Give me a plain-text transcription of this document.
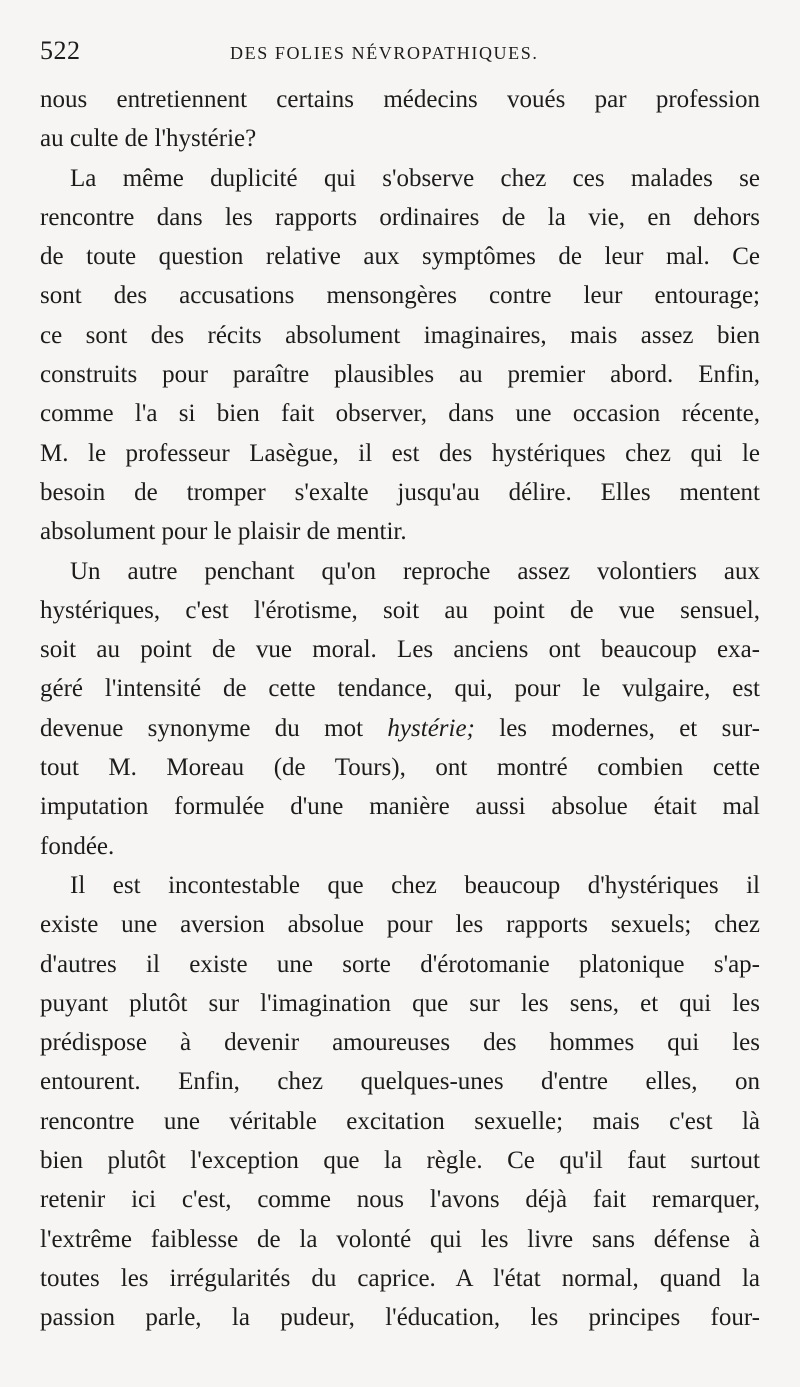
522	DES FOLIES NÉVROPATHIQUES.
nous entretiennent certains médecins voués par profession
au culte de l'hystérie?
La même duplicité qui s'observe chez ces malades se
rencontre dans les rapports ordinaires de la vie, en dehors
de toute question relative aux symptômes de leur mal. Ce
sont des accusations mensongères contre leur entourage;
ce sont des récits absolument imaginaires, mais assez bien
construits pour paraître plausibles au premier abord. Enfin,
comme l'a si bien fait observer, dans une occasion récente,
M. le professeur Lasègue, il est des hystériques chez qui le
besoin de tromper s'exalte jusqu'au délire. Elles mentent
absolument pour le plaisir de mentir.
Un autre penchant qu'on reproche assez volontiers aux
hystériques, c'est l'érotisme, soit au point de vue sensuel,
soit au point de vue moral. Les anciens ont beaucoup exa-
géré l'intensité de cette tendance, qui, pour le vulgaire, est
devenue synonyme du mot hystérie; les modernes, et sur-
tout M. Moreau (de Tours), ont montré combien cette
imputation formulée d'une manière aussi absolue était mal
fondée.
Il est incontestable que chez beaucoup d'hystériques il
existe une aversion absolue pour les rapports sexuels; chez
d'autres il existe une sorte d'érotomanie platonique s'ap-
puyant plutôt sur l'imagination que sur les sens, et qui les
prédispose à devenir amoureuses des hommes qui les
entourent. Enfin, chez quelques-unes d'entre elles, on
rencontre une véritable excitation sexuelle; mais c'est là
bien plutôt l'exception que la règle. Ce qu'il faut surtout
retenir ici c'est, comme nous l'avons déjà fait remarquer,
l'extrême faiblesse de la volonté qui les livre sans défense à
toutes les irrégularités du caprice. A l'état normal, quand la
passion parle, la pudeur, l'éducation, les principes four-
